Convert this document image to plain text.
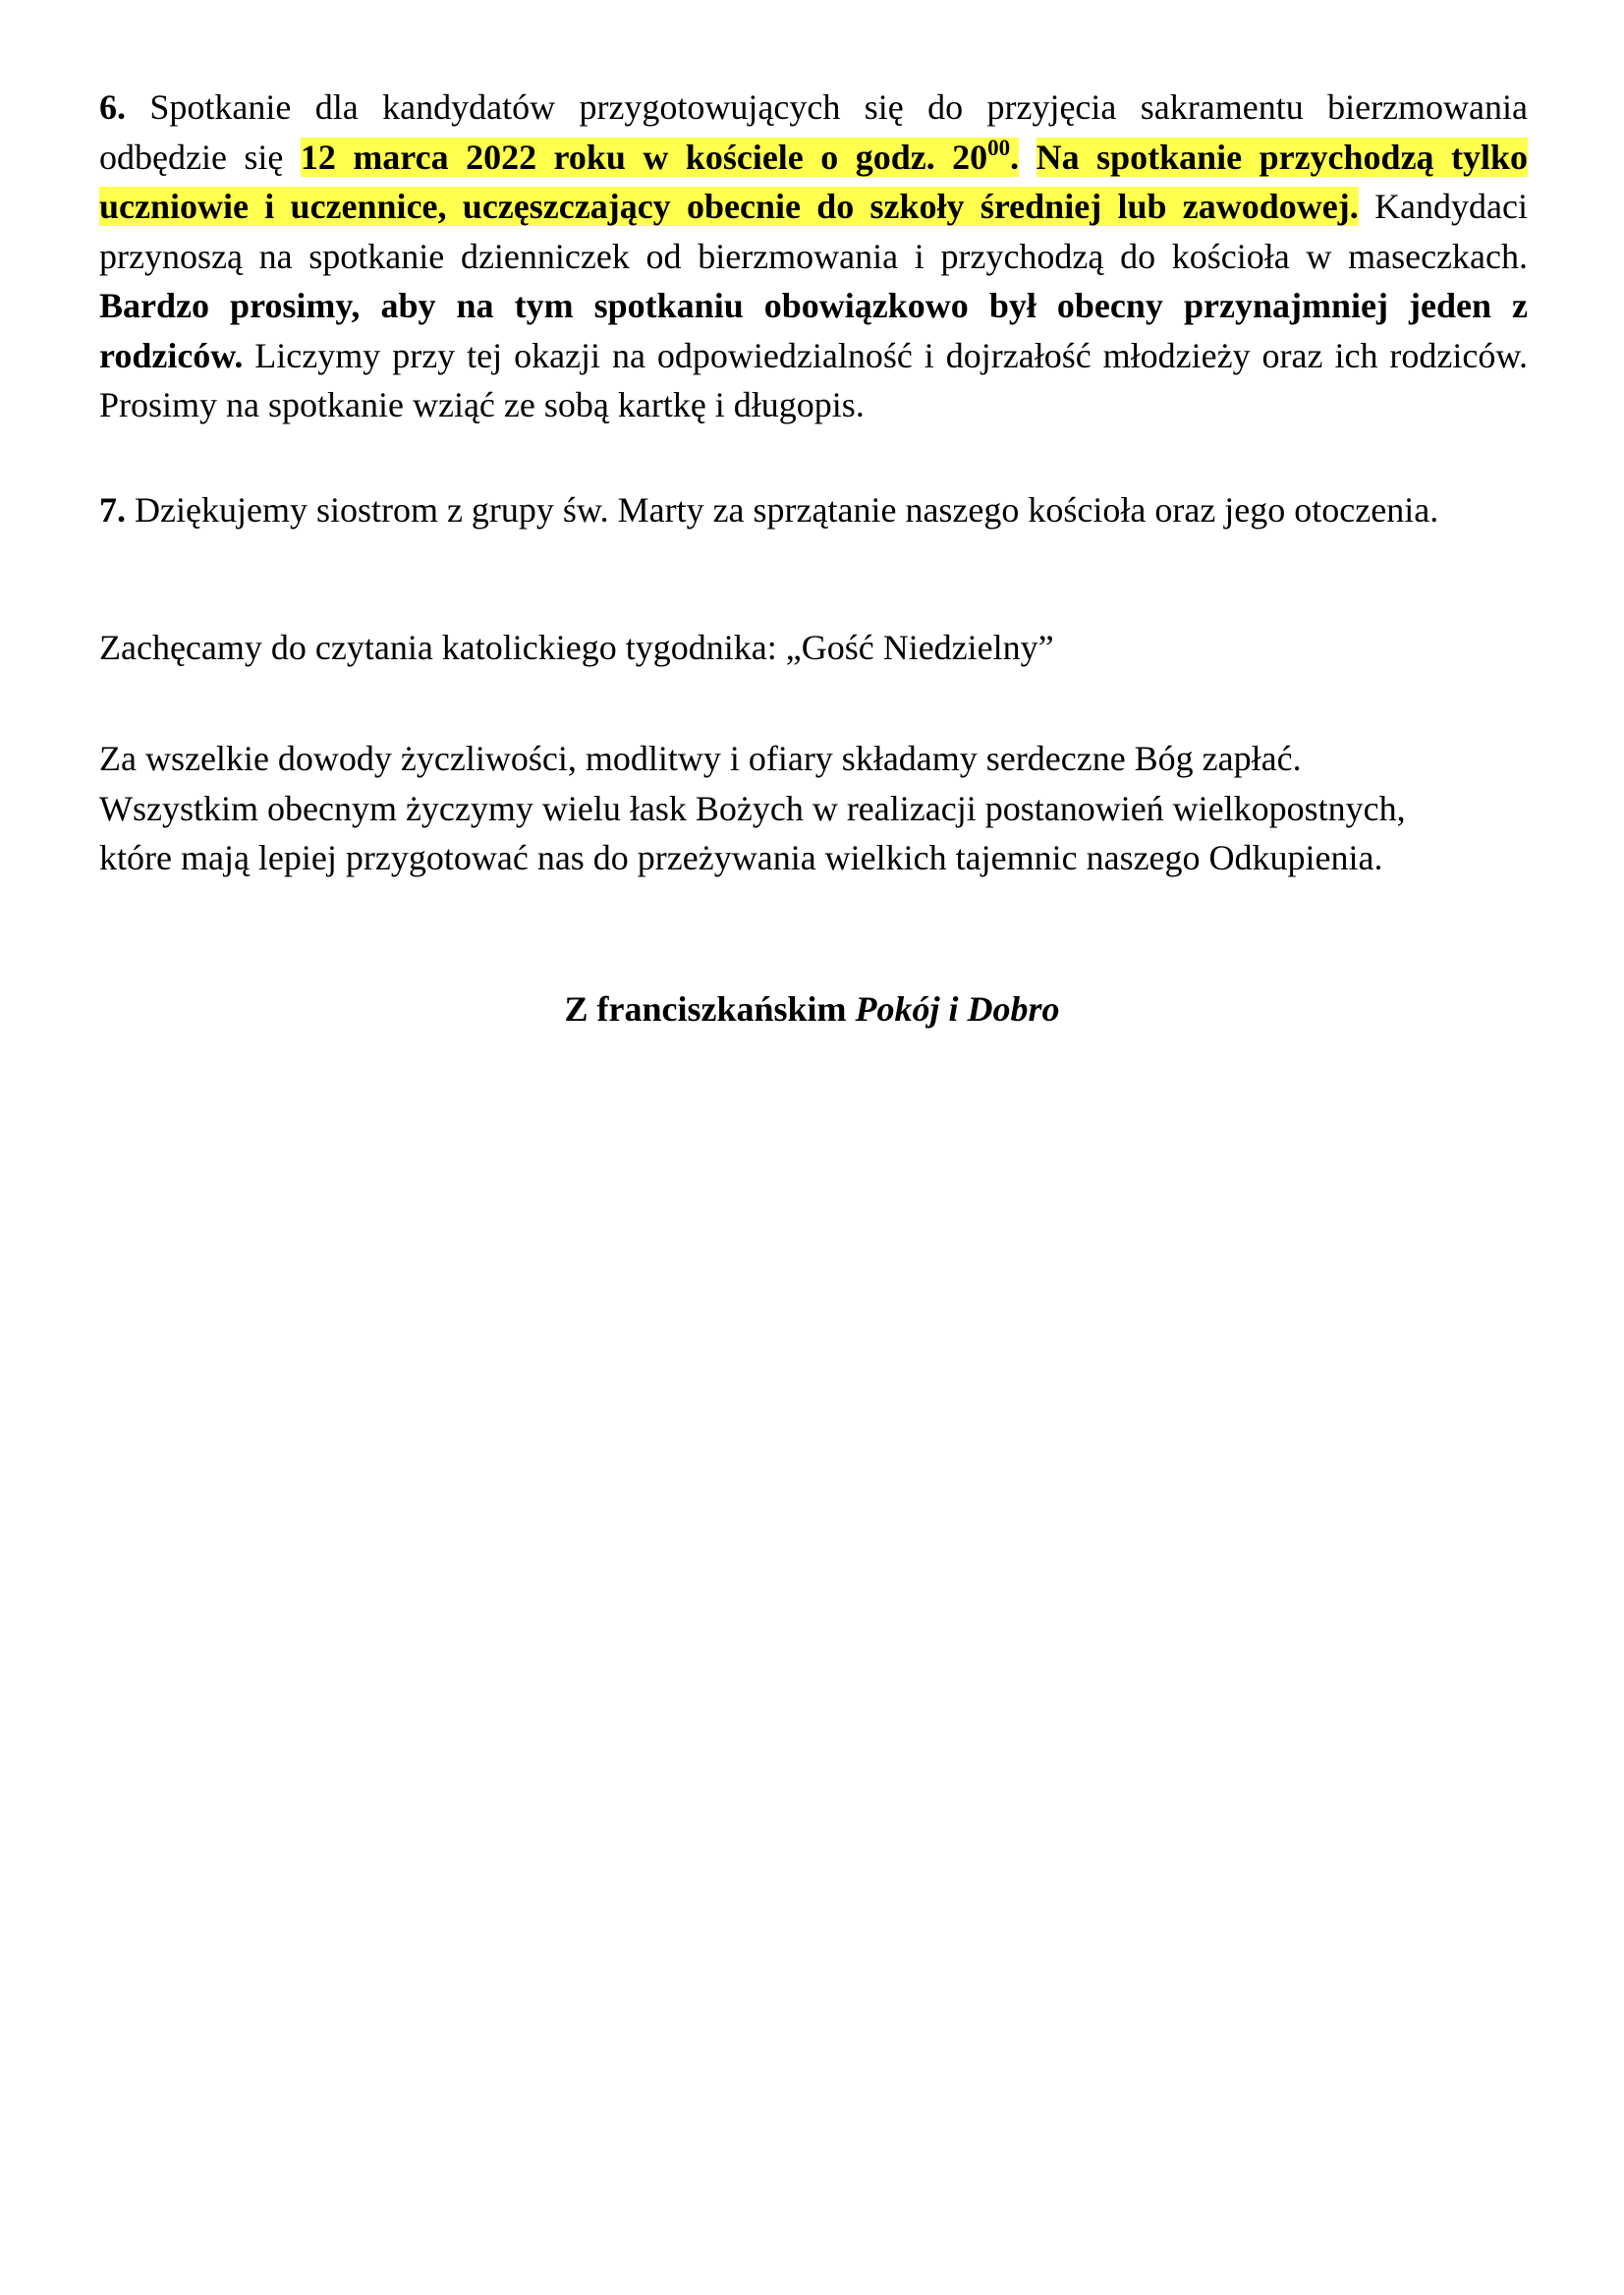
6. Spotkanie dla kandydatów przygotowujących się do przyjęcia sakramentu bierzmowania odbędzie się 12 marca 2022 roku w kościele o godz. $20^{00}$. Na spotkanie przychodzą tylko uczniowie i uczennice, uczęszczający obecnie do szkoły średniej lub zawodowej. Kandydaci przynoszą na spotkanie dzienniczek od bierzmowania i przychodzą do kościoła w maseczkach. Bardzo prosimy, aby na tym spotkaniu obowiązkowo był obecny przynajmniej jeden z rodziców. Liczymy przy tej okazji na odpowiedzialność i dojrzałość młodzieży oraz ich rodziców. Prosimy na spotkanie wziąć ze sobą kartkę i długopis.

7. Dziękujemy siostrom z grupy św. Marty za sprzątanie naszego kościoła oraz jego otoczenia.

Zachęcamy do czytania katolickiego tygodnika: „Gość Niedzielny”

Za wszelkie dowody życzliwości, modlitwy i ofiary składamy serdeczne Bóg zapłać.
Wszystkim obecnym życzymy wielu łask Bożych w realizacji postanowień wielkopostnych,
które mają lepiej przygotować nas do przeżywania wielkich tajemnic naszego Odkupienia.
Z franciszkańskim Pokój i Dobro
